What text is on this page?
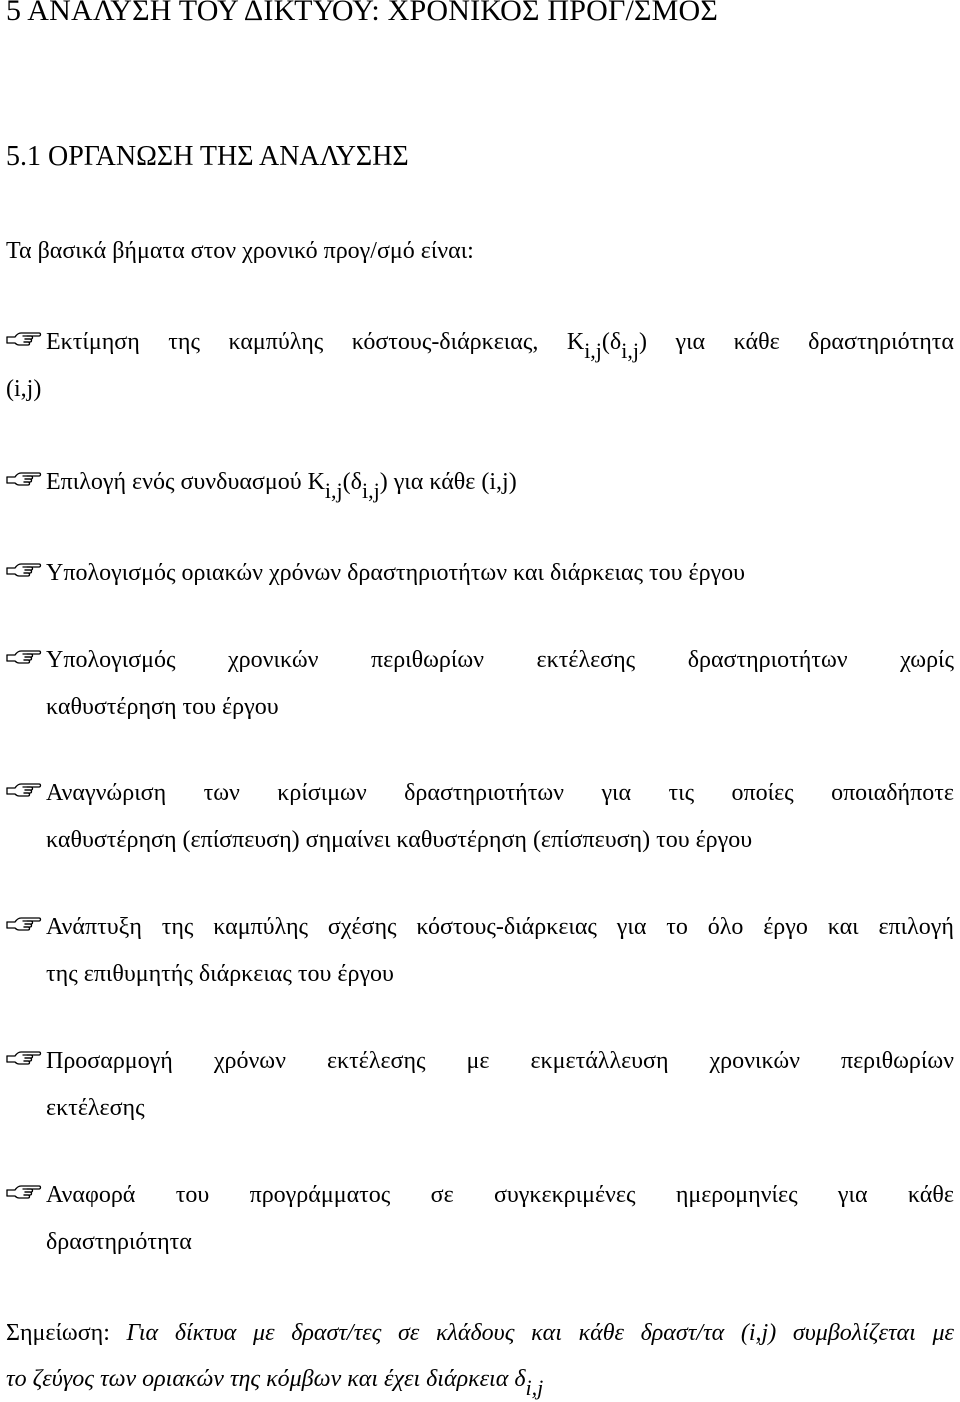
5 ΑΝΑΛΥΣΗ ΤΟΥ ΔΙΚΤΥΟΥ: ΧΡΟΝΙΚΟΣ ΠΡΟΓ/ΣΜΟΣ
5.1 ΟΡΓΑΝΩΣΗ ΤΗΣ ΑΝΑΛΥΣΗΣ
Τα βασικά βήματα στον χρονικό προγ/σμό είναι:
Εκτίμηση της καμπύλης κόστους-διάρκειας, Ki,j(δi,j) για κάθε δραστηριότητα
(i,j)
Επιλογή ενός συνδυασμού Ki,j(δi,j) για κάθε (i,j)
Υπολογισμός οριακών χρόνων δραστηριοτήτων και διάρκειας του έργου
Υπολογισμός χρονικών περιθωρίων εκτέλεσης δραστηριοτήτων χωρίς
καθυστέρηση του έργου
Αναγνώριση των κρίσιμων δραστηριοτήτων για τις οποίες οποιαδήποτε
καθυστέρηση (επίσπευση) σημαίνει καθυστέρηση (επίσπευση) του έργου
Ανάπτυξη της καμπύλης σχέσης κόστους-διάρκειας για το όλο έργο και επιλογή
της επιθυμητής διάρκειας του έργου
Προσαρμογή χρόνων εκτέλεσης με εκμετάλλευση χρονικών περιθωρίων
εκτέλεσης
Αναφορά του προγράμματος σε συγκεκριμένες ημερομηνίες για κάθε
δραστηριότητα
Σημείωση: Για δίκτυα με δραστ/τες σε κλάδους και κάθε δραστ/τα (i,j) συμβολίζεται με
το ζεύγος των οριακών της κόμβων και έχει διάρκεια δi,j
